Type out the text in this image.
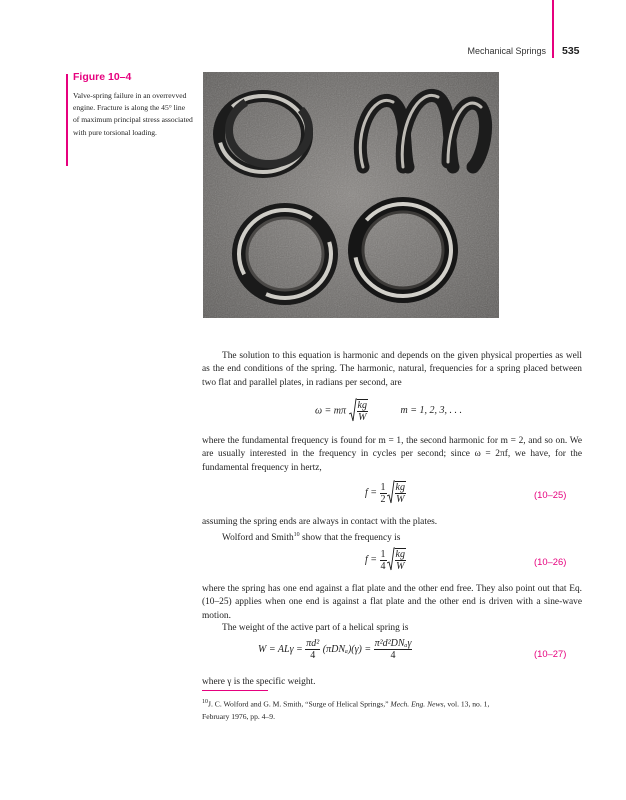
Mechanical Springs 535
Figure 10–4
Valve-spring failure in an overrevved engine. Fracture is along the 45° line of maximum principal stress associated with pure torsional loading.
The solution to this equation is harmonic and depends on the given physical properties as well as the end conditions of the spring. The harmonic, natural, frequencies for a spring placed between two flat and parallel plates, in radians per second, are
ω = mπ $\frac{kg}{W}$	m = 1, 2, 3, . . .
where the fundamental frequency is found for m = 1, the second harmonic for m = 2, and so on. We are usually interested in the frequency in cycles per second; since ω = 2πf, we have, for the fundamental frequency in hertz,
$f = \frac{1}{2} \frac{kg}{W}$	(10–25)
assuming the spring ends are always in contact with the plates.
Wolford and Smith$^{10}$ show that the frequency is
$f = \frac{1}{4} \frac{kg}{W}$	(10–26)
where the spring has one end against a flat plate and the other end free. They also point out that Eq. (10–25) applies when one end is against a flat plate and the other end is driven with a sine-wave motion.
The weight of the active part of a helical spring is
$W = AL\gamma = \frac{\text{πd²}}{4} (\pi DN_a)(\gamma) = \frac{\text{π²d²DNₐγ}}{4}$	(10–27)
where γ is the specific weight.
$^{10}$J. C. Wolford and G. M. Smith, “Surge of Helical Springs,” Mech. Eng. News, vol. 13, no. 1,
February 1976, pp. 4–9.
